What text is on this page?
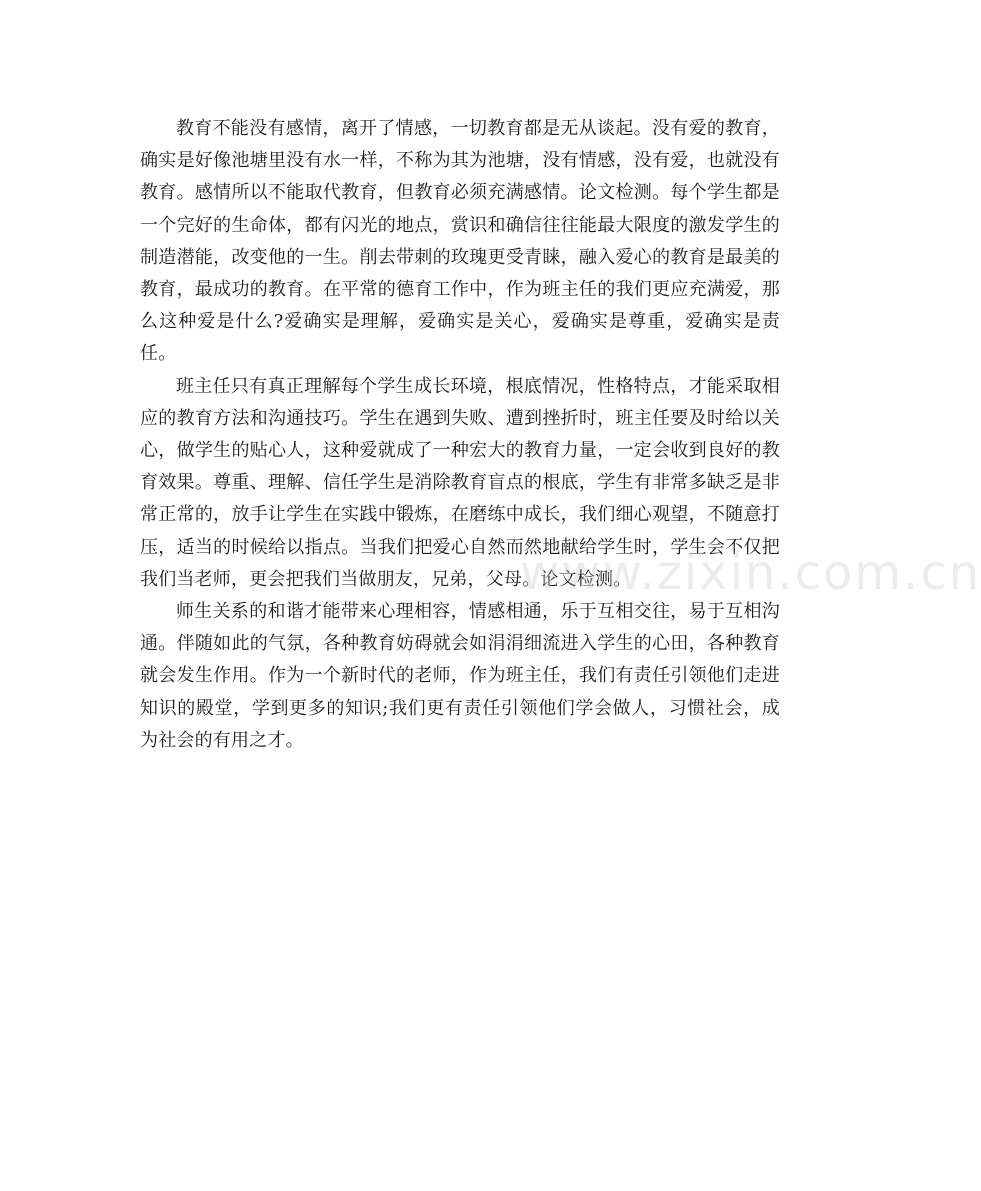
教育不能没有感情，离开了情感，一切教育都是无从谈起。没有爱的教育，确实是好像池塘里没有水一样，不称为其为池塘，没有情感，没有爱，也就没有教育。感情所以不能取代教育，但教育必须充满感情。论文检测。每个学生都是一个完好的生命体，都有闪光的地点，赏识和确信往往能最大限度的激发学生的制造潜能，改变他的一生。削去带刺的玫瑰更受青睐，融入爱心的教育是最美的教育，最成功的教育。在平常的德育工作中，作为班主任的我们更应充满爱，那么这种爱是什么?爱确实是理解，爱确实是关心，爱确实是尊重，爱确实是责任。

班主任只有真正理解每个学生成长环境，根底情况，性格特点，才能采取相应的教育方法和沟通技巧。学生在遇到失败、遭到挫折时，班主任要及时给以关心，做学生的贴心人，这种爱就成了一种宏大的教育力量，一定会收到良好的教育效果。尊重、理解、信任学生是消除教育盲点的根底，学生有非常多缺乏是非常正常的，放手让学生在实践中锻炼，在磨练中成长，我们细心观望，不随意打压，适当的时候给以指点。当我们把爱心自然而然地献给学生时，学生会不仅把我们当老师，更会把我们当做朋友，兄弟，父母。论文检测。

师生关系的和谐才能带来心理相容，情感相通，乐于互相交往，易于互相沟通。伴随如此的气氛，各种教育妨碍就会如涓涓细流进入学生的心田，各种教育就会发生作用。作为一个新时代的老师，作为班主任，我们有责任引领他们走进知识的殿堂，学到更多的知识;我们更有责任引领他们学会做人，习惯社会，成为社会的有用之才。

www.zixin.com.cn
